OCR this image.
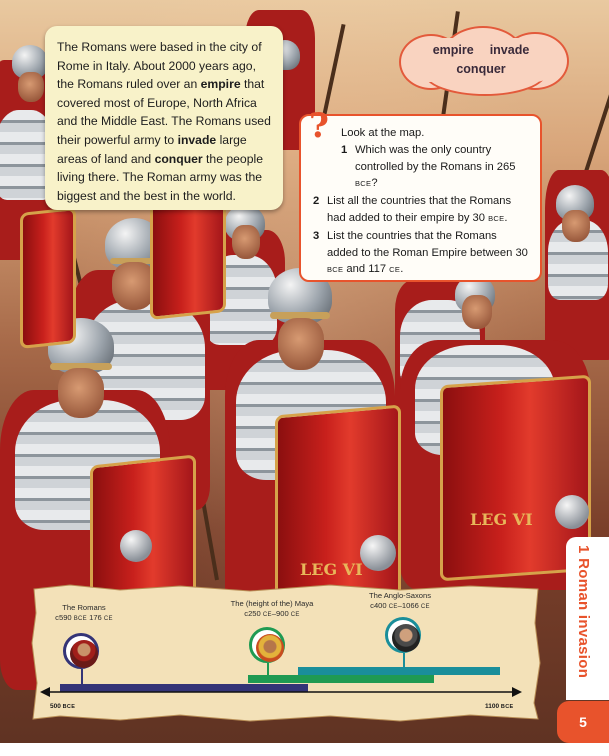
LEG VI
LEG VI
The Romans were based in the city of Rome in Italy. About 2000 years ago, the Romans ruled over an empire that covered most of Europe, North Africa and the Middle East. The Romans used their powerful army to invade large areas of land and conquer the people living there. The Roman army was the biggest and the best in the world.
empire invade
conquer
? Look at the map.
1 Which was the only country controlled by the Romans in 265 BCE?
2 List all the countries that the Romans had added to their empire by 30 BCE.
3 List the countries that the Romans added to the Roman Empire between 30 BCE and 117 CE.
The Romans
c590 BCE 176 CE
The (height of the) Maya
c250 CE–900 CE
The Anglo-Saxons
c400 CE–1066 CE
500 BCE	1100 BCE
1 Roman invasion
5
